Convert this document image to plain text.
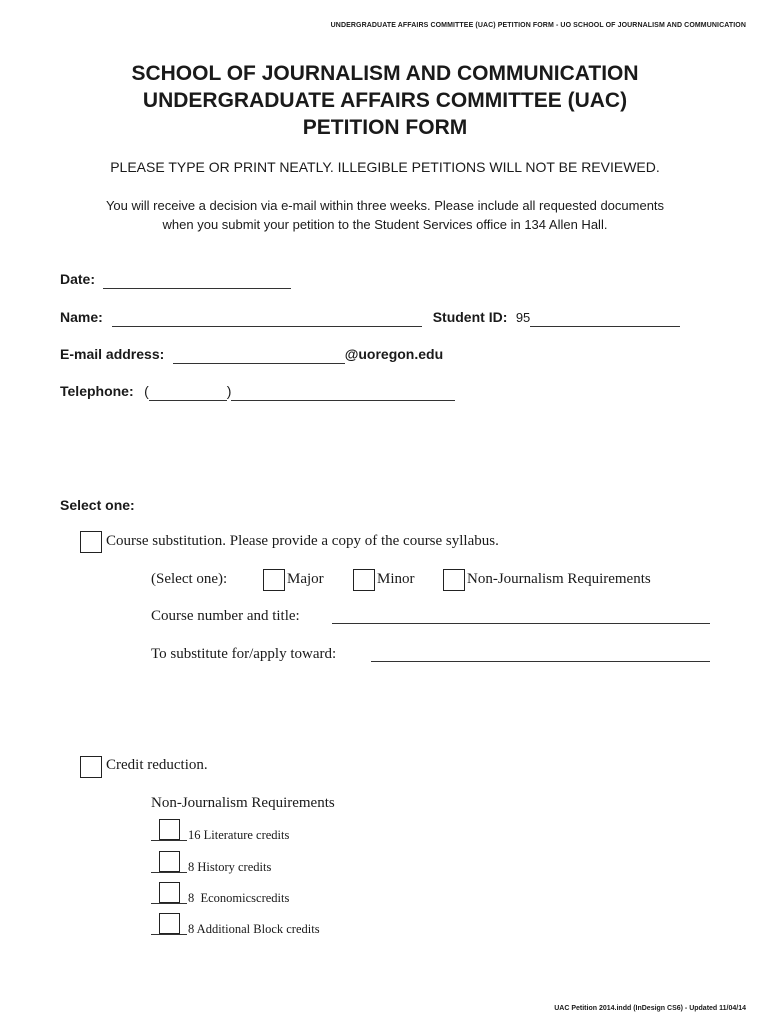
UNDERGRADUATE AFFAIRS COMMITTEE (UAC) PETITION FORM - UO SCHOOL OF JOURNALISM AND COMMUNICATION
SCHOOL OF JOURNALISM AND COMMUNICATION
UNDERGRADUATE AFFAIRS COMMITTEE (UAC)
PETITION FORM
PLEASE TYPE OR PRINT NEATLY. ILLEGIBLE PETITIONS WILL NOT BE REVIEWED.
You will receive a decision via e-mail within three weeks. Please include all requested documents
when you submit your petition to the Student Services office in 134 Allen Hall.
Date:
Name:	Student ID: 95
E-mail address:	@uoregon.edu
Telephone: (	)
Select one:
Course substitution. Please provide a copy of the course syllabus.
(Select one):	Major	Minor	Non-Journalism Requirements
Course number and title:
To substitute for/apply toward:
Credit reduction.
Non-Journalism Requirements
16 Literature credits
8 History credits
8  Economicscredits
8 Additional Block credits
UAC Petition 2014.indd (InDesign CS6) - Updated 11/04/14
